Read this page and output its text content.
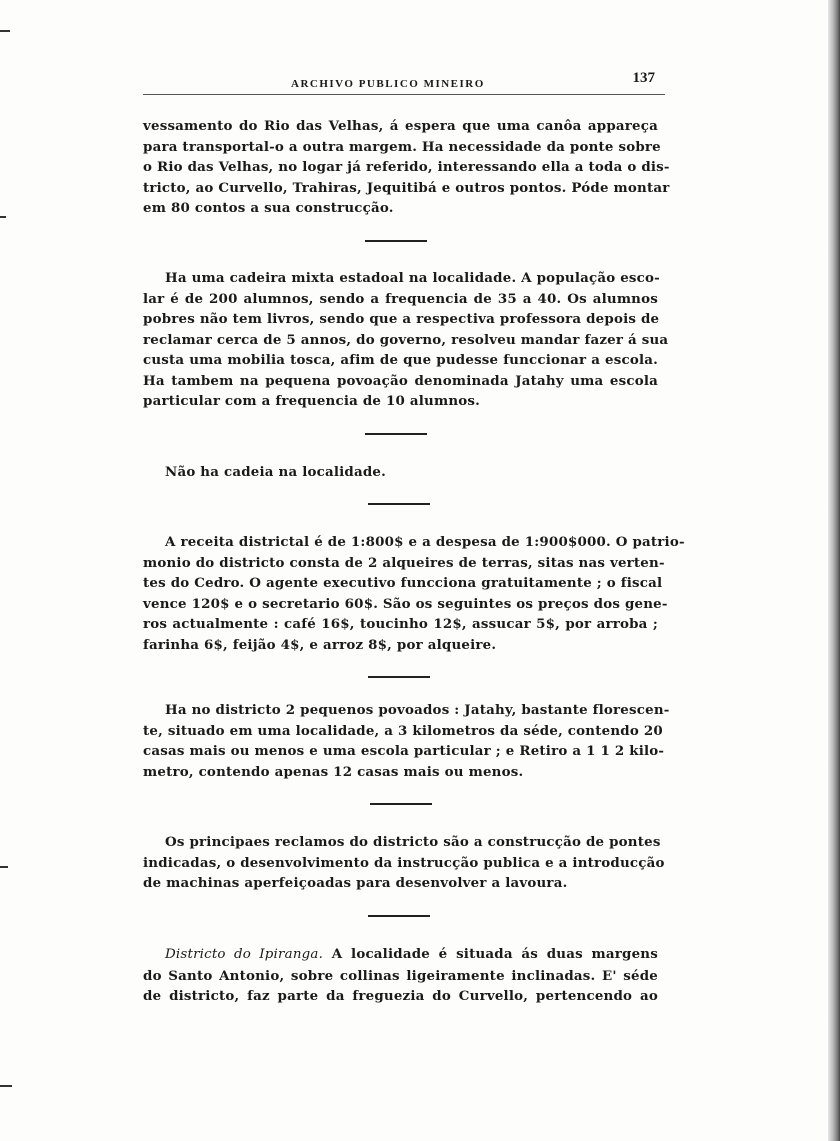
ARCHIVO PUBLICO MINEIRO	137
vessamento do Rio das Velhas, á espera que uma canôa appareça
para transportal-o a outra margem. Ha necessidade da ponte sobre
o Rio das Velhas, no logar já referido, interessando ella a toda o dis-
tricto, ao Curvello, Trahiras, Jequitibá e outros pontos. Póde montar
em 80 contos a sua construcção.
Ha uma cadeira mixta estadoal na localidade. A população esco-
lar é de 200 alumnos, sendo a frequencia de 35 a 40. Os alumnos
pobres não tem livros, sendo que a respectiva professora depois de
reclamar cerca de 5 annos, do governo, resolveu mandar fazer á sua
custa uma mobilia tosca, afim de que pudesse funccionar a escola.
Ha tambem na pequena povoação denominada Jatahy uma escola
particular com a frequencia de 10 alumnos.
Não ha cadeia na localidade.
A receita districtal é de 1:800$ e a despesa de 1:900$000. O patrio-
monio do districto consta de 2 alqueires de terras, sitas nas verten-
tes do Cedro. O agente executivo funcciona gratuitamente ; o fiscal
vence 120$ e o secretario 60$. São os seguintes os preços dos gene-
ros actualmente : café 16$, toucinho 12$, assucar 5$, por arroba ;
farinha 6$, feijão 4$, e arroz 8$, por alqueire.
Ha no districto 2 pequenos povoados : Jatahy, bastante florescen-
te, situado em uma localidade, a 3 kilometros da séde, contendo 20
casas mais ou menos e uma escola particular ; e Retiro a 1 1 2 kilo-
metro, contendo apenas 12 casas mais ou menos.
Os principaes reclamos do districto são a construcção de pontes
indicadas, o desenvolvimento da instrucção publica e a introducção
de machinas aperfeiçoadas para desenvolver a lavoura.
Districto do Ipiranga. A localidade é situada ás duas margens
do Santo Antonio, sobre collinas ligeiramente inclinadas. E' séde
de districto, faz parte da freguezia do Curvello, pertencendo ao
